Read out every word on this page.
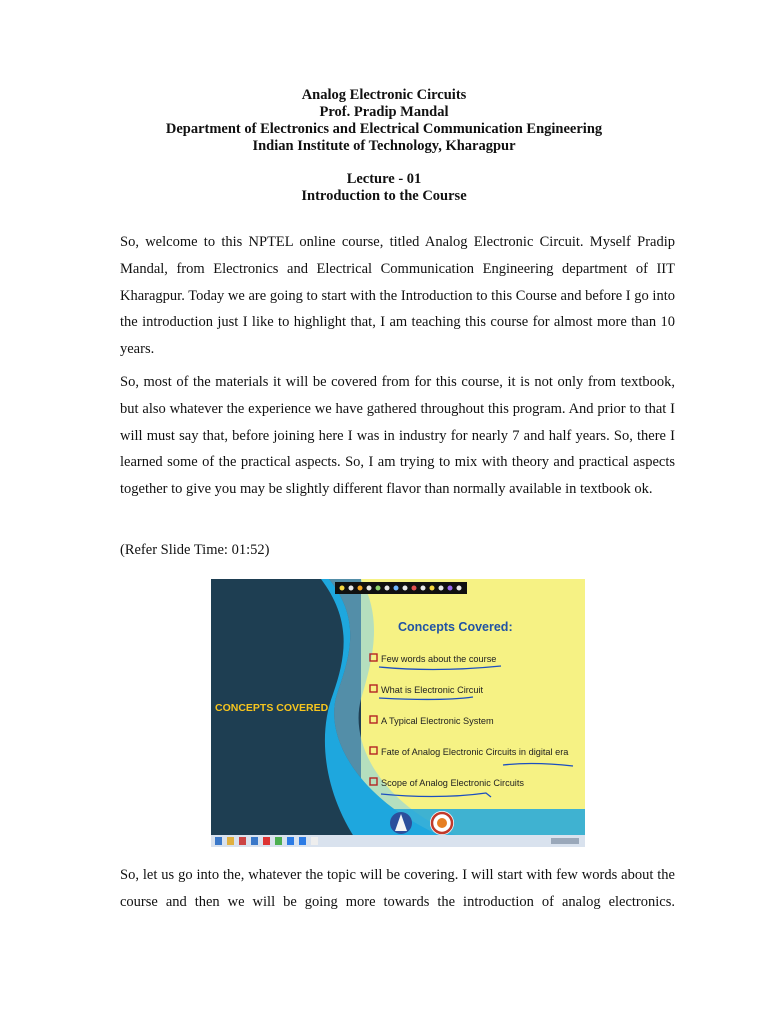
Analog Electronic Circuits
Prof. Pradip Mandal
Department of Electronics and Electrical Communication Engineering
Indian Institute of Technology, Kharagpur
Lecture - 01
Introduction to the Course

So, welcome to this NPTEL online course, titled Analog Electronic Circuit. Myself Pradip Mandal, from Electronics and Electrical Communication Engineering department of IIT Kharagpur. Today we are going to start with the Introduction to this Course and before I go into the introduction just I like to highlight that, I am teaching this course for almost more than 10 years.

So, most of the materials it will be covered from for this course, it is not only from textbook, but also whatever the experience we have gathered throughout this program. And prior to that I will must say that, before joining here I was in industry for nearly 7 and half years. So, there I learned some of the practical aspects. So, I am trying to mix with theory and practical aspects together to give you may be slightly different flavor than normally available in textbook ok.

(Refer Slide Time: 01:52)

CONCEPTS COVERED
Concepts Covered:
Few words about the course
What is Electronic Circuit
A Typical Electronic System
Fate of Analog Electronic Circuits in digital era
Scope of Analog Electronic Circuits

So, let us go into the, whatever the topic will be covering. I will start with few words about the course and then we will be going more towards the introduction of analog electronics.
